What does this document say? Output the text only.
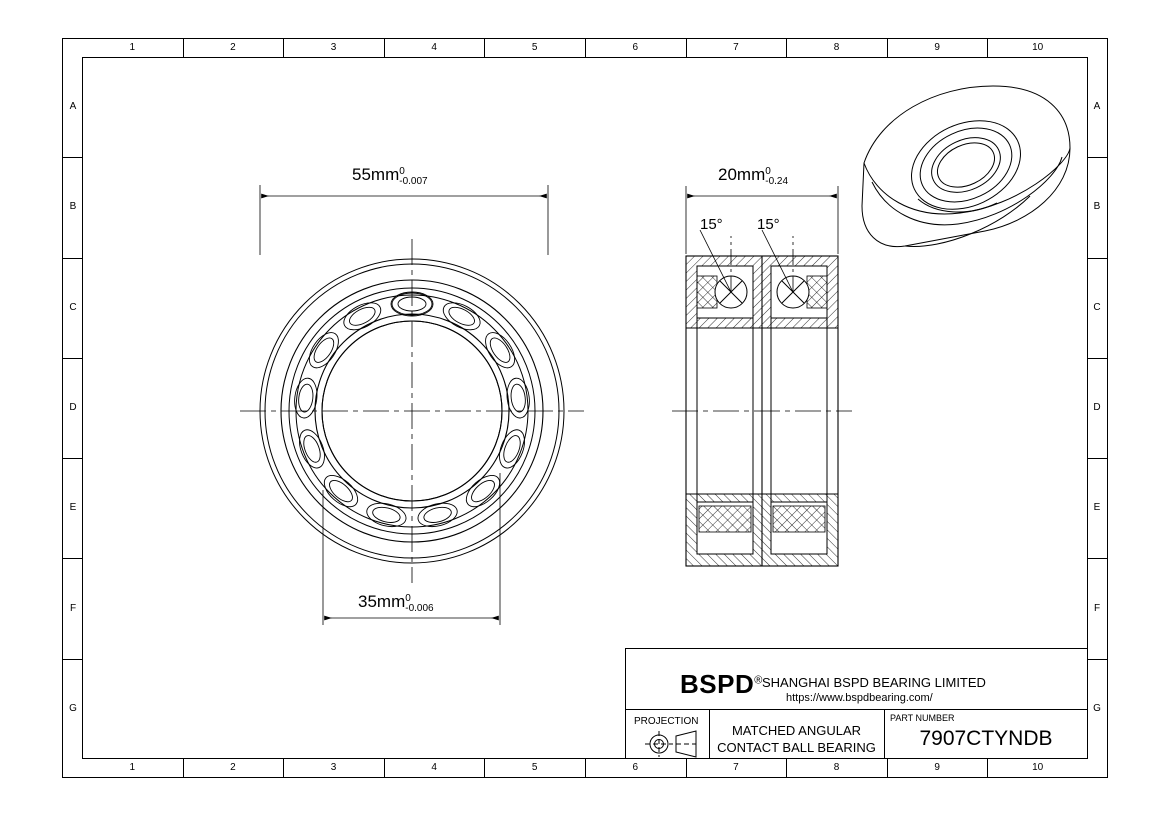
1
1
2
2
3
3
4
4
5
5
6
6
7
7
8
8
9
9
10
10
A	A
B	B
C	C
D	D
E	E
F	F
G	G
55mm 0
-0.007
35mm 0
-0.006
20mm 0
-0.24
15° 15°
BSPD® SHANGHAI BSPD BEARING LIMITED
https://www.bspdbearing.com/
PROJECTION
MATCHED ANGULAR
CONTACT BALL BEARING
PART NUMBER
7907CTYNDB
